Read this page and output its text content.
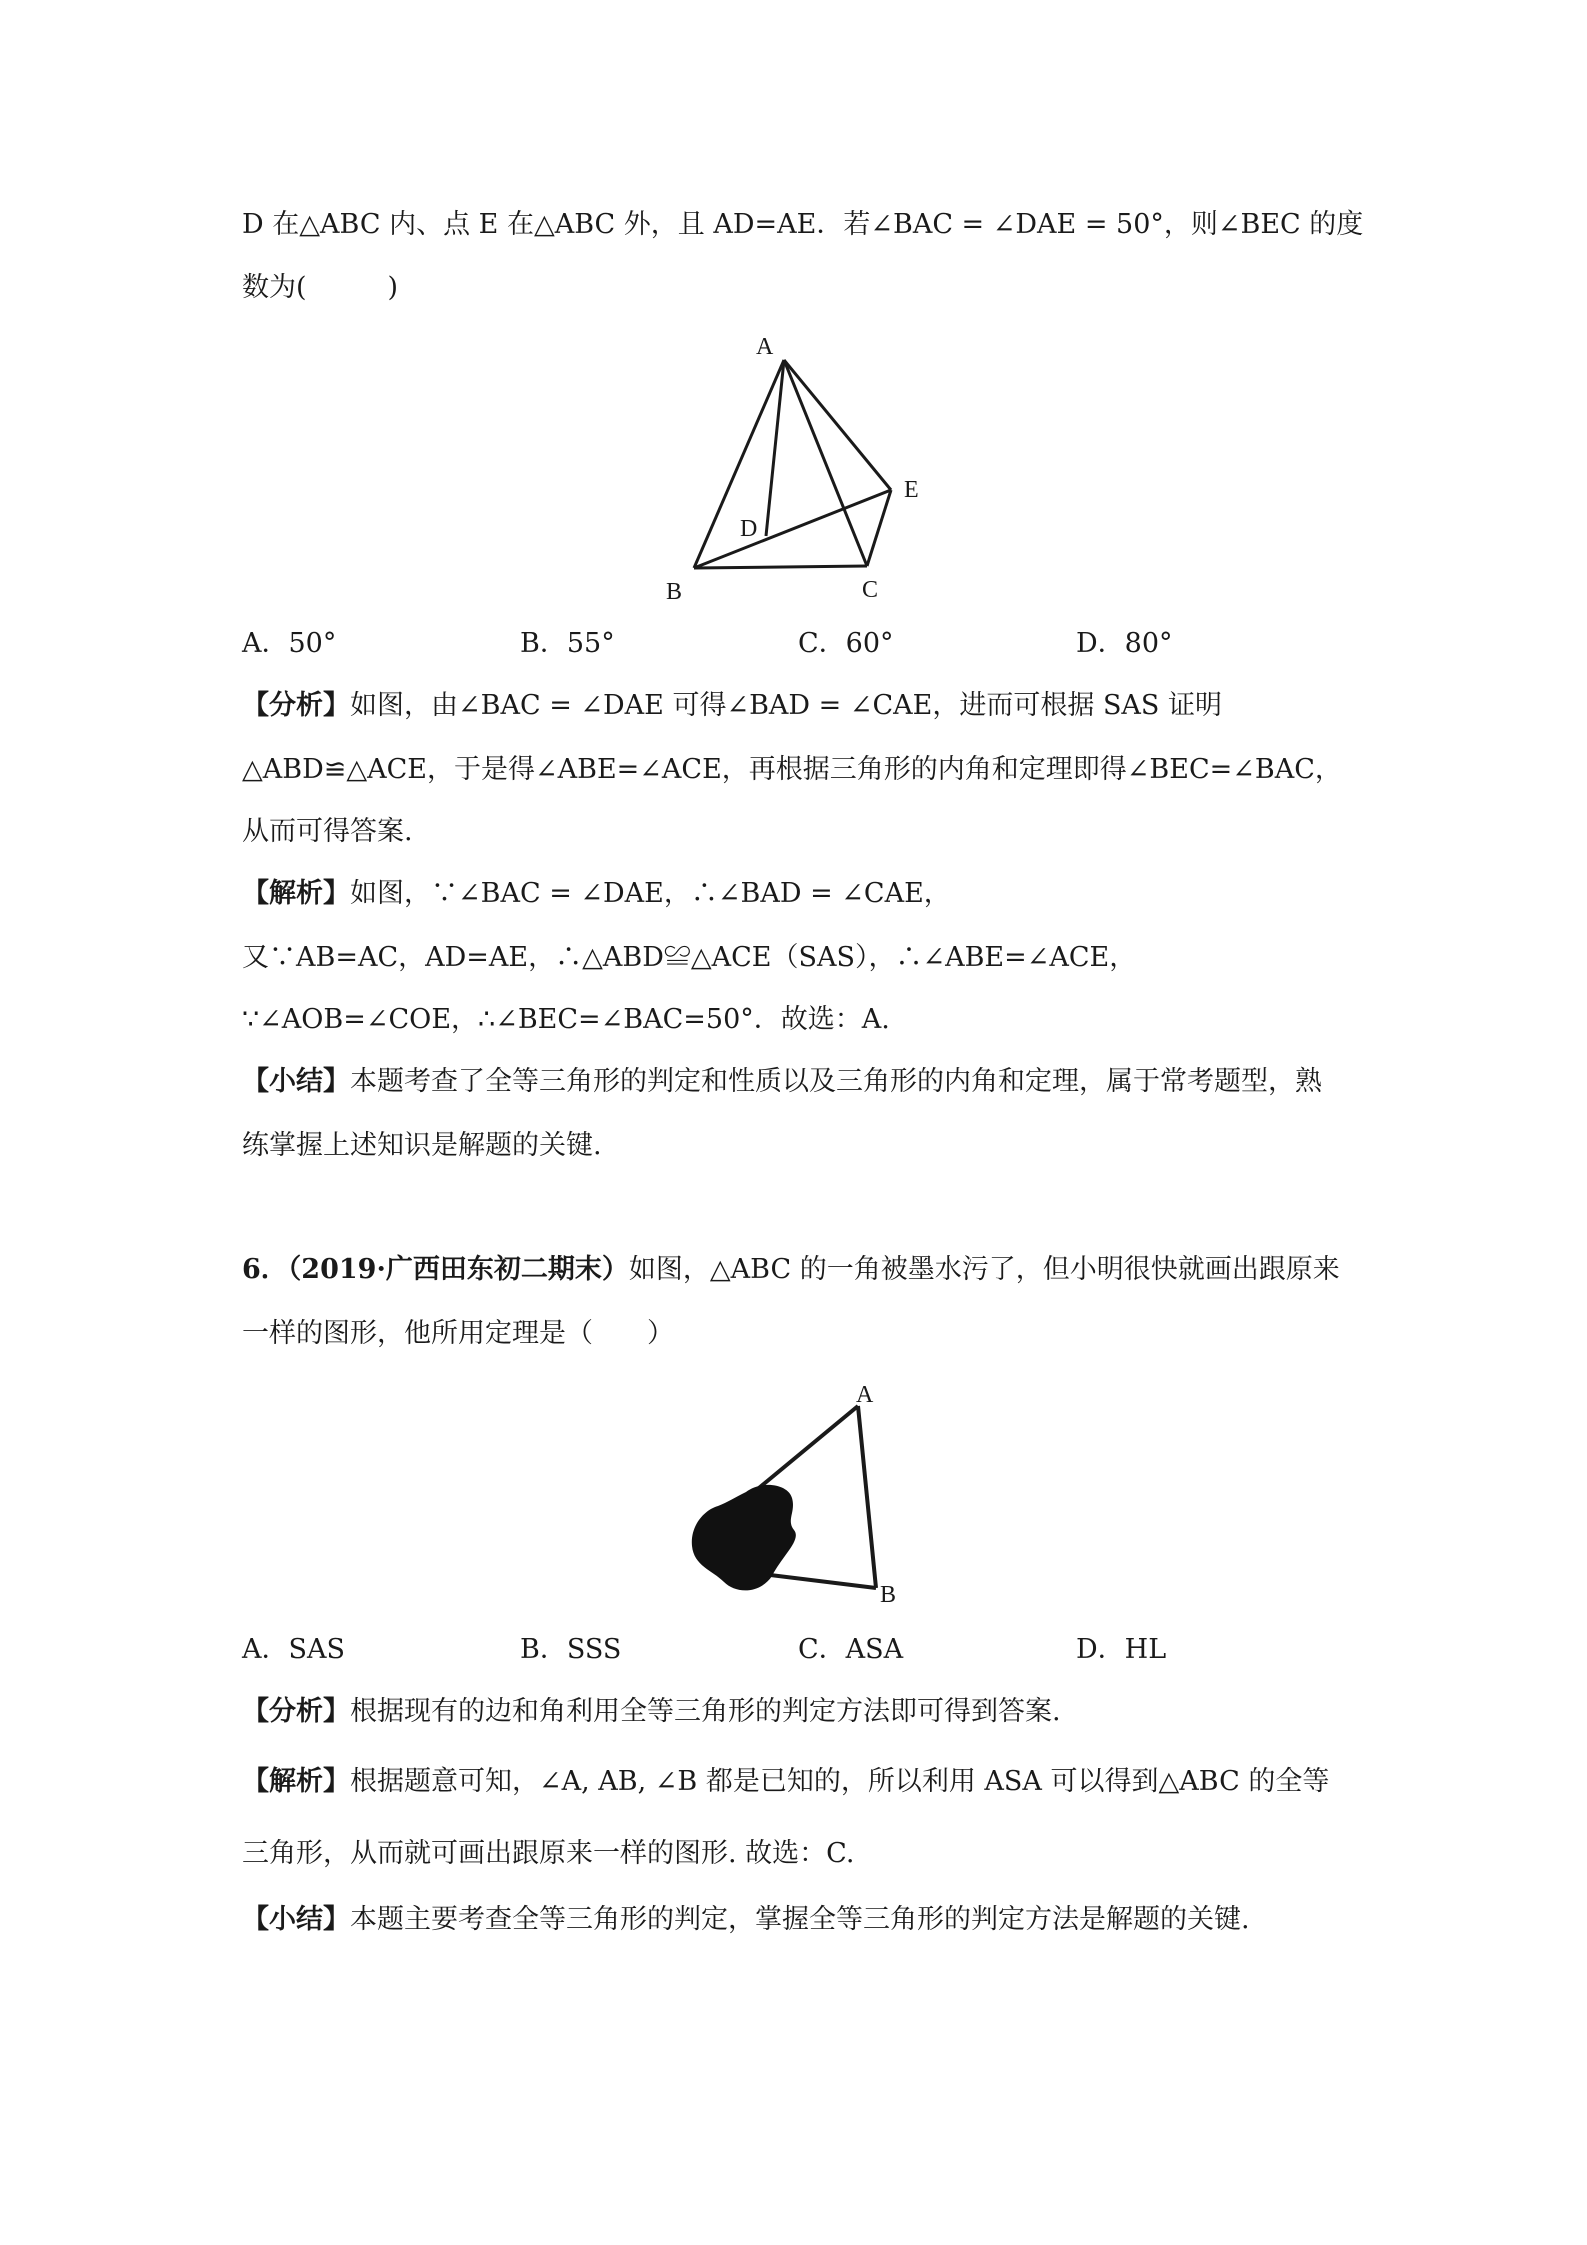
D 在△ABC 内、点 E 在△ABC 外，且 AD=AE．若∠BAC = ∠DAE = 50°，则∠BEC 的度
数为(　　　)
A
B	C
D
E
A．50°	B．55°	C．60°	D．80°
【分析】如图，由∠BAC = ∠DAE 可得∠BAD = ∠CAE，进而可根据 SAS 证明
△ABD≌△ACE，于是得∠ABE=∠ACE，再根据三角形的内角和定理即得∠BEC=∠BAC，
从而可得答案.
【解析】如图，∵∠BAC = ∠DAE，∴∠BAD = ∠CAE，
又∵AB=AC，AD=AE，∴△ABD≌△ACE（SAS），∴∠ABE=∠ACE，
∵∠AOB=∠COE，∴∠BEC=∠BAC=50°．故选：A.
【小结】本题考查了全等三角形的判定和性质以及三角形的内角和定理，属于常考题型，熟
练掌握上述知识是解题的关键.
6．（2019·广西田东初二期末）如图，△ABC 的一角被墨水污了，但小明很快就画出跟原来
一样的图形，他所用定理是（　　）
A
B
A．SAS	B．SSS	C．ASA	D．HL
【分析】根据现有的边和角利用全等三角形的判定方法即可得到答案.
【解析】根据题意可知，∠A, AB, ∠B 都是已知的，所以利用 ASA 可以得到△ABC 的全等
三角形，从而就可画出跟原来一样的图形. 故选：C.
【小结】本题主要考查全等三角形的判定，掌握全等三角形的判定方法是解题的关键.
